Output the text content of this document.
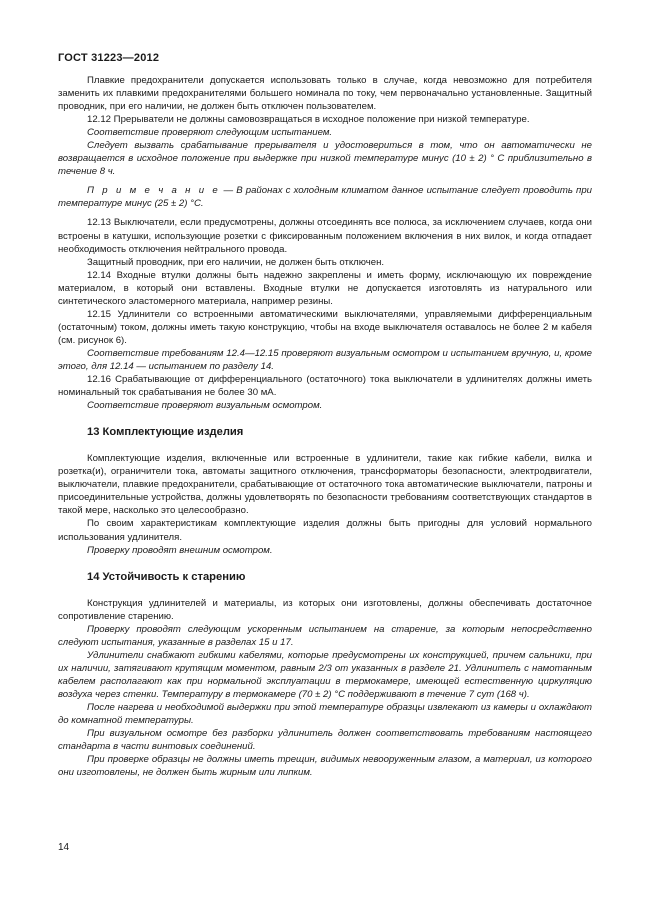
ГОСТ 31223—2012

Плавкие предохранители допускается использовать только в случае, когда невозможно для потребителя заменить их плавкими предохранителями большего номинала по току, чем первоначально установленные. Защитный проводник, при его наличии, не должен быть отключен пользователем.

12.12 Прерыватели не должны самовозвращаться в исходное положение при низкой температуре.

Соответствие проверяют следующим испытанием.

Следует вызвать срабатывание прерывателя и удостовериться в том, что он автоматически не возвращается в исходное положение при выдержке при низкой температуре минус (10 ± 2) ° С приблизительно в течение 8 ч.

П р и м е ч а н и е — В районах с холодным климатом данное испытание следует проводить при температуре минус (25 ± 2) °С.

12.13 Выключатели, если предусмотрены, должны отсоединять все полюса, за исключением случаев, когда они встроены в катушки, использующие розетки с фиксированным положением включения в них вилок, и когда отпадает необходимость отключения нейтрального провода.

Защитный проводник, при его наличии, не должен быть отключен.

12.14 Входные втулки должны быть надежно закреплены и иметь форму, исключающую их повреждение материалом, в который они вставлены. Входные втулки не допускается изготовлять из натурального или синтетического эластомерного материала, например резины.

12.15 Удлинители со встроенными автоматическими выключателями, управляемыми дифференциальным (остаточным) током, должны иметь такую конструкцию, чтобы на входе выключателя оставалось не более 2 м кабеля (см. рисунок 6).

Соответствие требованиям 12.4—12.15 проверяют визуальным осмотром и испытанием вручную, и, кроме этого, для 12.14 — испытанием по разделу 14.

12.16 Срабатывающие от дифференциального (остаточного) тока выключатели в удлинителях должны иметь номинальный ток срабатывания не более 30 мА.

Соответствие проверяют визуальным осмотром.

13 Комплектующие изделия

Комплектующие изделия, включенные или встроенные в удлинители, такие как гибкие кабели, вилка и розетка(и), ограничители тока, автоматы защитного отключения, трансформаторы безопасности, электродвигатели, выключатели, плавкие предохранители, срабатывающие от остаточного тока автоматические выключатели, патроны и присоединительные устройства, должны удовлетворять по безопасности требованиям соответствующих стандартов в такой мере, насколько это целесообразно.

По своим характеристикам комплектующие изделия должны быть пригодны для условий нормального использования удлинителя.

Проверку проводят внешним осмотром.

14 Устойчивость к старению

Конструкция удлинителей и материалы, из которых они изготовлены, должны обеспечивать достаточное сопротивление старению.

Проверку проводят следующим ускоренным испытанием на старение, за которым непосредственно следуют испытания, указанные в разделах 15 и 17.

Удлинители снабжают гибкими кабелями, которые предусмотрены их конструкцией, причем сальники, при их наличии, затягивают крутящим моментом, равным 2/3 от указанных в разделе 21. Удлинитель с намотанным кабелем располагают как при нормальной эксплуатации в термокамере, имеющей естественную циркуляцию воздуха через стенки. Температуру в термокамере (70 ± 2) °С поддерживают в течение 7 сут (168 ч).

После нагрева и необходимой выдержки при этой температуре образцы извлекают из камеры и охлаждают до комнатной температуры.

При визуальном осмотре без разборки удлинитель должен соответствовать требованиям настоящего стандарта в части винтовых соединений.

При проверке образцы не должны иметь трещин, видимых невооруженным глазом, а материал, из которого они изготовлены, не должен быть жирным или липким.

14
